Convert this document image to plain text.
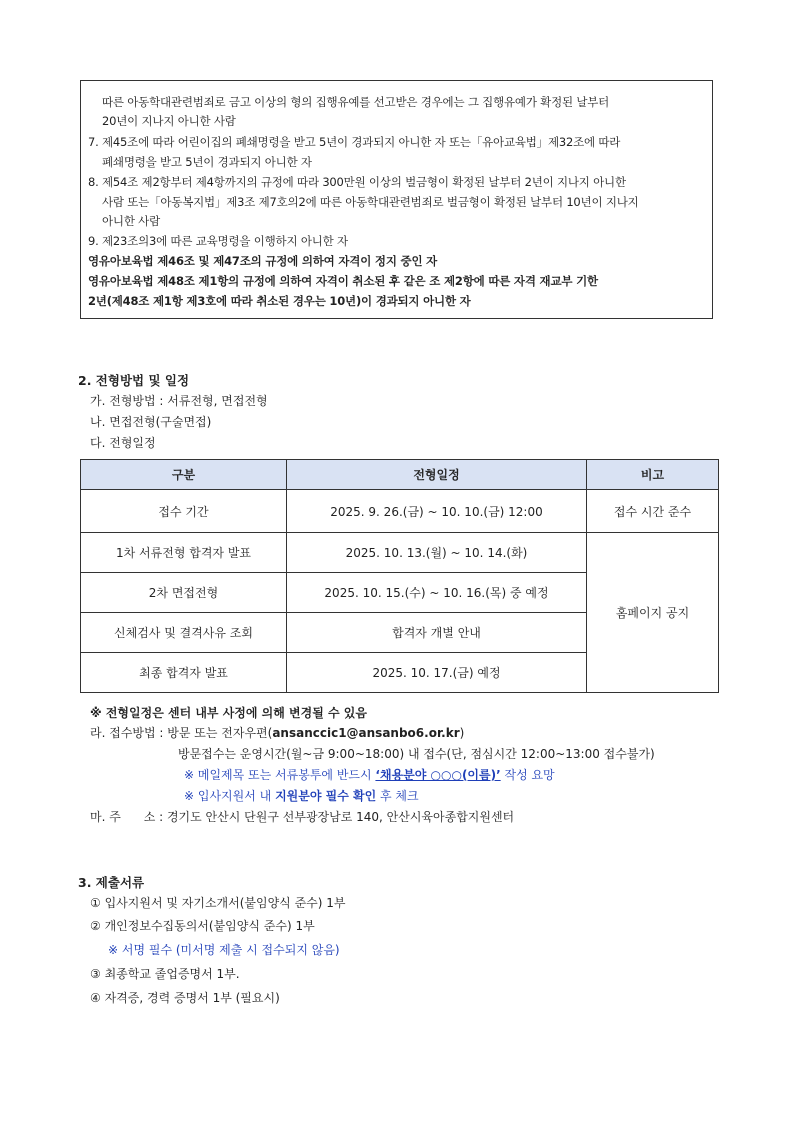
따른 아동학대관련범죄로 금고 이상의 형의 집행유예를 선고받은 경우에는 그 집행유예가 확정된 날부터
20년이 지나지 아니한 사람
7. 제45조에 따라 어린이집의 폐쇄명령을 받고 5년이 경과되지 아니한 자 또는「유아교육법」제32조에 따라
폐쇄명령을 받고 5년이 경과되지 아니한 자
8. 제54조 제2항부터 제4항까지의 규정에 따라 300만원 이상의 벌금형이 확정된 날부터 2년이 지나지 아니한
사람 또는「아동복지법」제3조 제7호의2에 따른 아동학대관련범죄로 벌금형이 확정된 날부터 10년이 지나지
아니한 사람
9. 제23조의3에 따른 교육명령을 이행하지 아니한 자
영유아보육법 제46조 및 제47조의 규정에 의하여 자격이 정지 중인 자
영유아보육법 제48조 제1항의 규정에 의하여 자격이 취소된 후 같은 조 제2항에 따른 자격 재교부 기한
2년(제48조 제1항 제3호에 따라 취소된 경우는 10년)이 경과되지 아니한 자
2. 전형방법 및 일정
가. 전형방법 : 서류전형, 면접전형
나. 면접전형(구술면접)
다. 전형일정
구분	전형일정	비고
접수 기간	2025. 9. 26.(금) ~ 10. 10.(금) 12:00	접수 시간 준수
1차 서류전형 합격자 발표	2025. 10. 13.(월) ~ 10. 14.(화)	홈페이지 공지
2차 면접전형	2025. 10. 15.(수) ~ 10. 16.(목) 중 예정	
신체검사 및 결격사유 조회	합격자 개별 안내	
최종 합격자 발표	2025. 10. 17.(금) 예정	
※ 전형일정은 센터 내부 사정에 의해 변경될 수 있음
라. 접수방법 : 방문 또는 전자우편(ansanccic1@ansanbo6.or.kr)
방문접수는 운영시간(월~금 9:00~18:00) 내 접수(단, 점심시간 12:00~13:00 접수불가)
※ 메일제목 또는 서류봉투에 반드시 ‘채용분야 ○○○(이름)’ 작성 요망
※ 입사지원서 내 지원분야 필수 확인 후 체크
마. 주      소 : 경기도 안산시 단원구 선부광장남로 140, 안산시육아종합지원센터
3. 제출서류
① 입사지원서 및 자기소개서(붙임양식 준수) 1부
② 개인정보수집동의서(붙임양식 준수) 1부
※ 서명 필수 (미서명 제출 시 접수되지 않음)
③ 최종학교 졸업증명서 1부.
④ 자격증, 경력 증명서 1부 (필요시)
